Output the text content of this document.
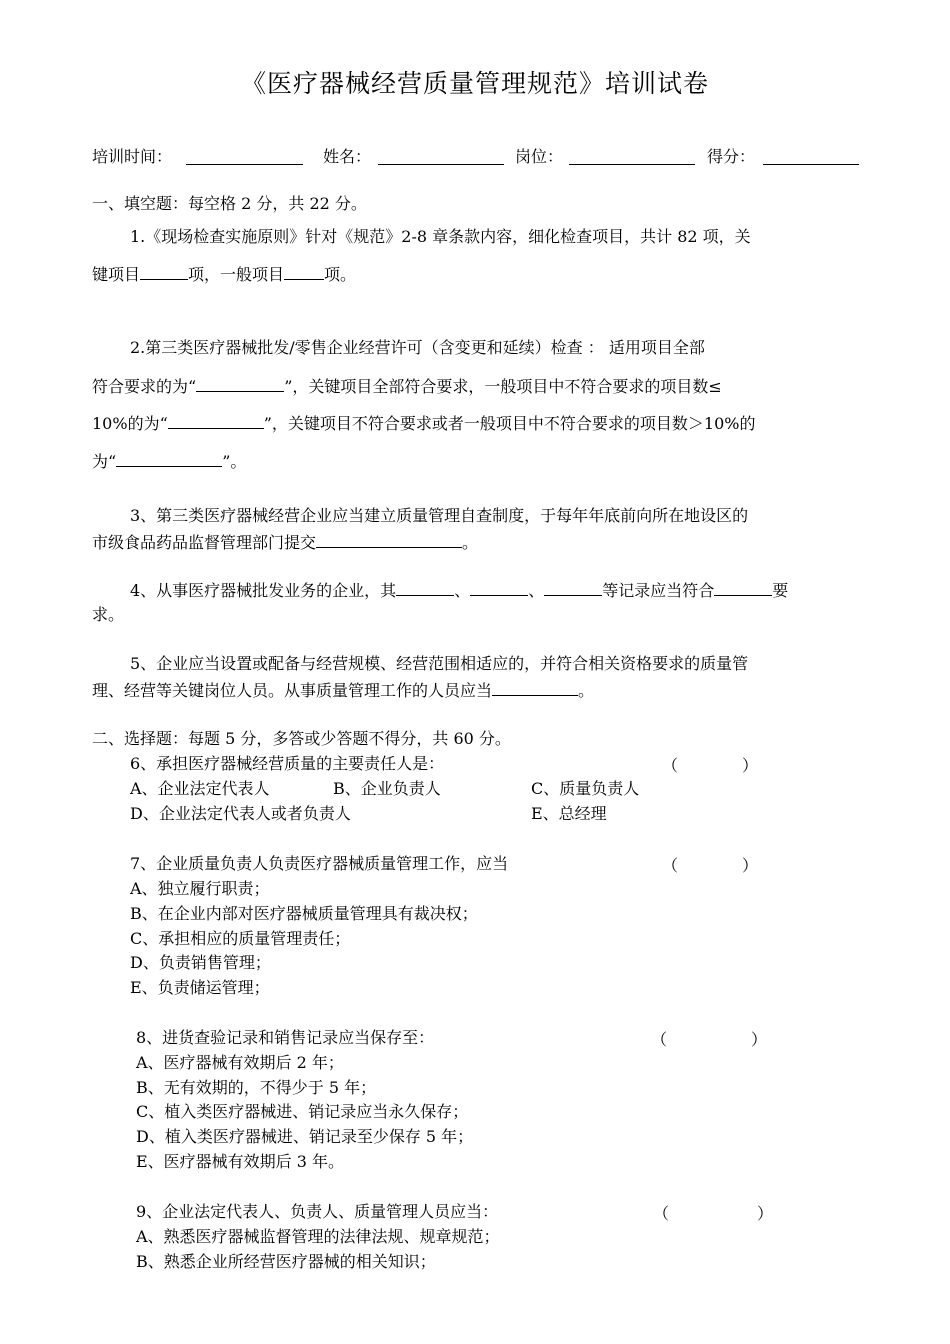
《医疗器械经营质量管理规范》培训试卷
培训时间：	姓名：	岗位：	得分：
一、填空题：每空格 2 分，共 22 分。
1.《现场检查实施原则》针对《规范》2-8 章条款内容，细化检查项目，共计 82 项，关
键项目	项，一般项目	项。
2.第三类医疗器械批发/零售企业经营许可（含变更和延续）检查 ： 适用项目全部
符合要求的为“	”，关键项目全部符合要求，一般项目中不符合要求的项目数≤
10%的为“	”，关键项目不符合要求或者一般项目中不符合要求的项目数＞10%的
为“	”。
3、第三类医疗器械经营企业应当建立质量管理自查制度，于每年年底前向所在地设区的
市级食品药品监督管理部门提交	。
4、从事医疗器械批发业务的企业，其	、	、	等记录应当符合	要
求。
5、企业应当设置或配备与经营规模、经营范围相适应的，并符合相关资格要求的质量管
理、经营等关键岗位人员。从事质量管理工作的人员应当	。
二、选择题：每题 5 分，多答或少答题不得分，共 60 分。
6、承担医疗器械经营质量的主要责任人是：	（	）
A、企业法定代表人	B、企业负责人	C、质量负责人
D、企业法定代表人或者负责人	E、总经理
7、企业质量负责人负责医疗器械质量管理工作，应当	（	）
A、独立履行职责；
B、在企业内部对医疗器械质量管理具有裁决权；
C、承担相应的质量管理责任；
D、负责销售管理；
E、负责储运管理；
8、进货查验记录和销售记录应当保存至：	（	）
A、医疗器械有效期后 2 年；
B、无有效期的，不得少于 5 年；
C、植入类医疗器械进、销记录应当永久保存；
D、植入类医疗器械进、销记录至少保存 5 年；
E、医疗器械有效期后 3 年。
9、企业法定代表人、负责人、质量管理人员应当：	（	）
A、熟悉医疗器械监督管理的法律法规、规章规范；
B、熟悉企业所经营医疗器械的相关知识；
